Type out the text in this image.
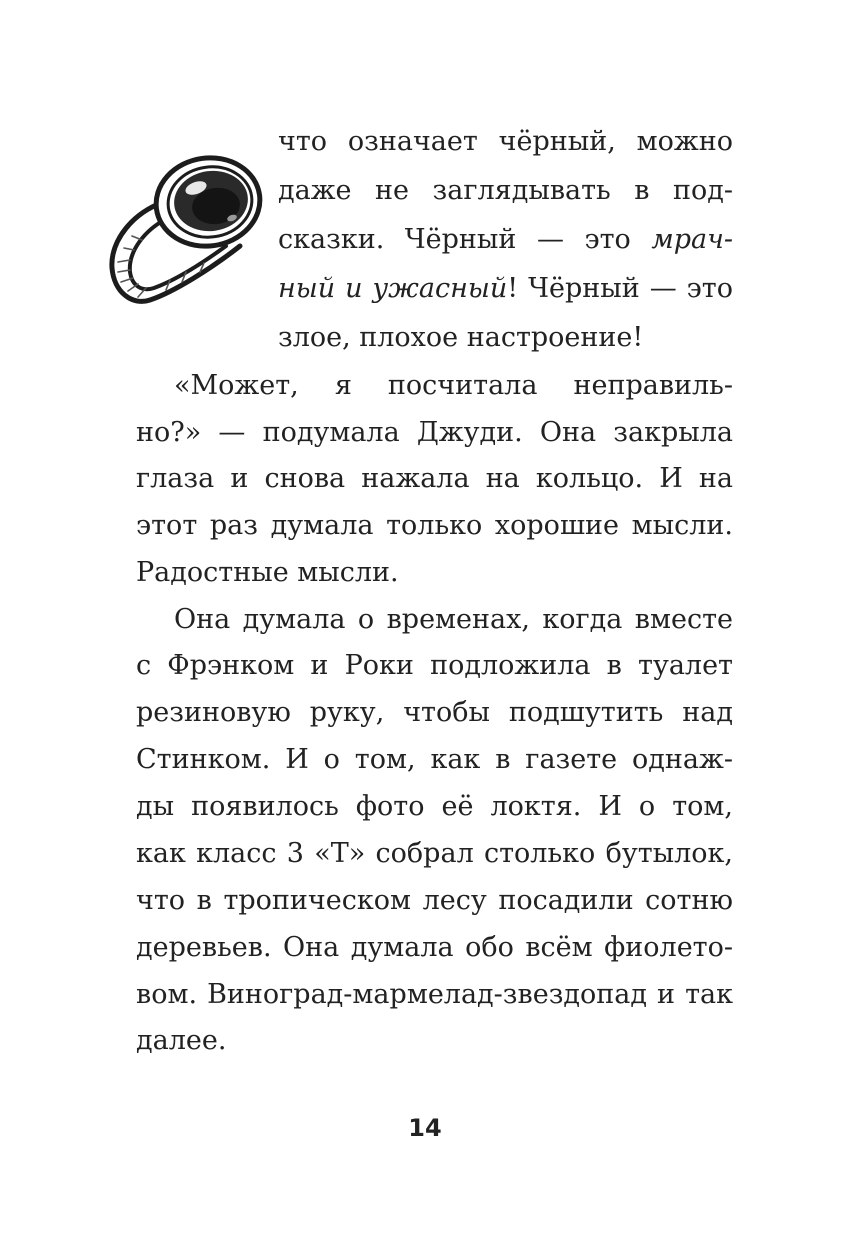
что означает чёрный, можно
даже не заглядывать в под-
сказки. Чёрный — это мрач-
ный и ужасный! Чёрный — это
злое, плохое настроение!
«Может, я посчитала неправиль-
но?» — подумала Джуди. Она закрыла
глаза и снова нажала на кольцо. И на
этот раз думала только хорошие мысли.
Радостные мысли.
Она думала о временах, когда вместе
с Фрэнком и Роки подложила в туалет
резиновую руку, чтобы подшутить над
Стинком. И о том, как в газете однаж-
ды появилось фото её локтя. И о том,
как класс 3 «Т» собрал столько бутылок,
что в тропическом лесу посадили сотню
деревьев. Она думала обо всём фиолето-
вом. Виноград-мармелад-звездопад и так
далее.
14
